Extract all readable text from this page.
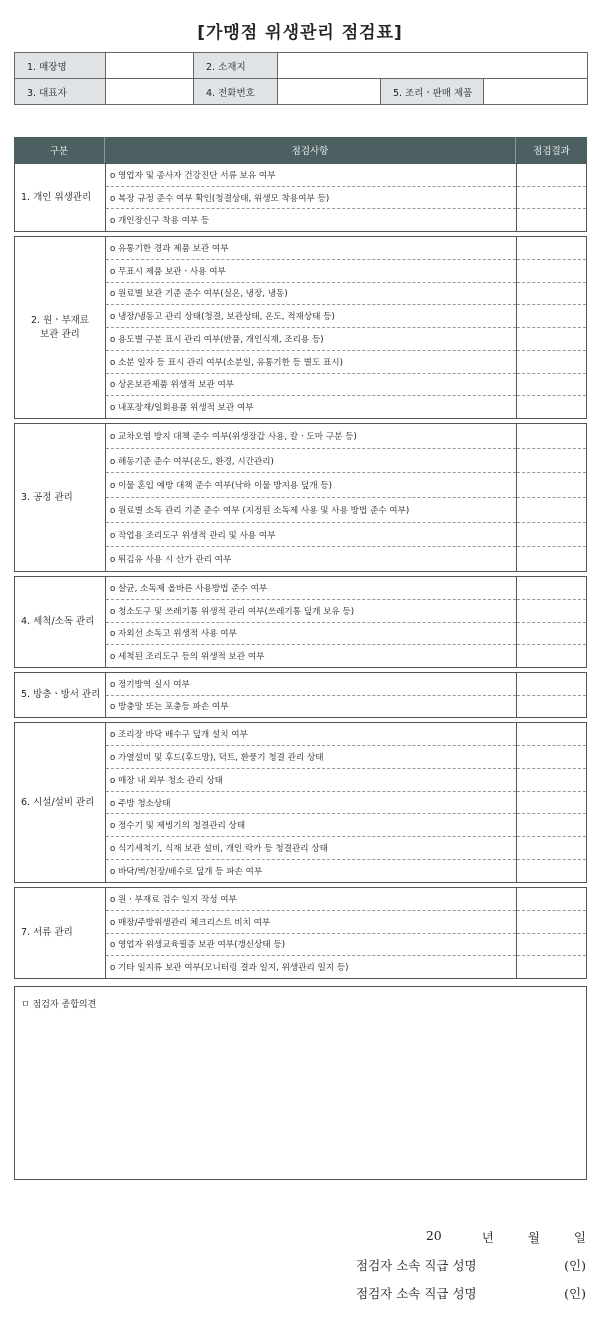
[가맹점 위생관리 점검표]
1. 매장명		2. 소재지			
3. 대표자		4. 전화번호		5. 조리ㆍ판매 제품	
구분	점검사항	점검결과
1. 개인 위생관리
o 영업자 및 종사자 건강진단 서류 보유 여부
o 복장 규정 준수 여부 확인(청결상태, 위생모 착용여부 등)
o 개인장신구 착용 여부 등
2. 원ㆍ부재료
보관 관리
o 유통기한 경과 제품 보관 여부
o 무표시 제품 보관ㆍ사용 여부
o 원료별 보관 기준 준수 여부(실온, 냉장, 냉동)
o 냉장/냉동고 관리 상태(청결, 보관상태, 온도, 적재상태 등)
o 용도별 구분 표시 관리 여부(반품, 개인식재, 조리용 등)
o 소분 일자 등 표시 관리 여부(소분일, 유통기한 등 별도 표시)
o 상온보관제품 위생적 보관 여부
o 내포장재/일회용품 위생적 보관 여부
3. 공정 관리
o 교차오염 방지 대책 준수 여부(위생장갑 사용, 칼ㆍ도마 구분 등)
o 해동기준 준수 여부(온도, 환경, 시간관리)
o 이물 혼입 예방 대책 준수 여부(낙하 이물 방지용 덮개 등)
o 원료별 소독 관리 기준 준수 여부 (지정된 소독제 사용 및 사용 방법 준수 여부)
o 작업용 조리도구 위생적 관리 및 사용 여부
o 튀김유 사용 시 산가 관리 여부
4. 세척/소독 관리
o 살균, 소독제 올바른 사용방법 준수 여부
o 청소도구 및 쓰레기통 위생적 관리 여부(쓰레기통 덮개 보유 등)
o 자외선 소독고 위생적 사용 여부
o 세척된 조리도구 등의 위생적 보관 여부
5. 방충ㆍ방서 관리
o 정기방역 실시 여부
o 방충망 또는 포충등 파손 여부
6. 시설/설비 관리
o 조리장 바닥 배수구 덮개 설치 여부
o 가열설비 및 후드(후드망), 덕트, 환풍기 청결 관리 상태
o 매장 내 외부 청소 관리 상태
o 주방 청소상태
o 정수기 및 제빙기의 청결관리 상태
o 식기세척기, 식재 보관 설비, 개인 락카 등 청결관리 상태
o 바닥/벽/천장/배수로 덮개 등 파손 여부
7. 서류 관리
o 원ㆍ부재료 검수 일지 작성 여부
o 매장/주방위생관리 체크리스트 비치 여부
o 영업자 위생교육필증 보관 여부(갱신상태 등)
o 기타 일지류 보관 여부(모니터링 결과 일지, 위생관리 일지 등)
ㅁ 점검자 종합의견
20	년	월	일
점검자 소속 직급 성명	(인)
점검자 소속 직급 성명	(인)
